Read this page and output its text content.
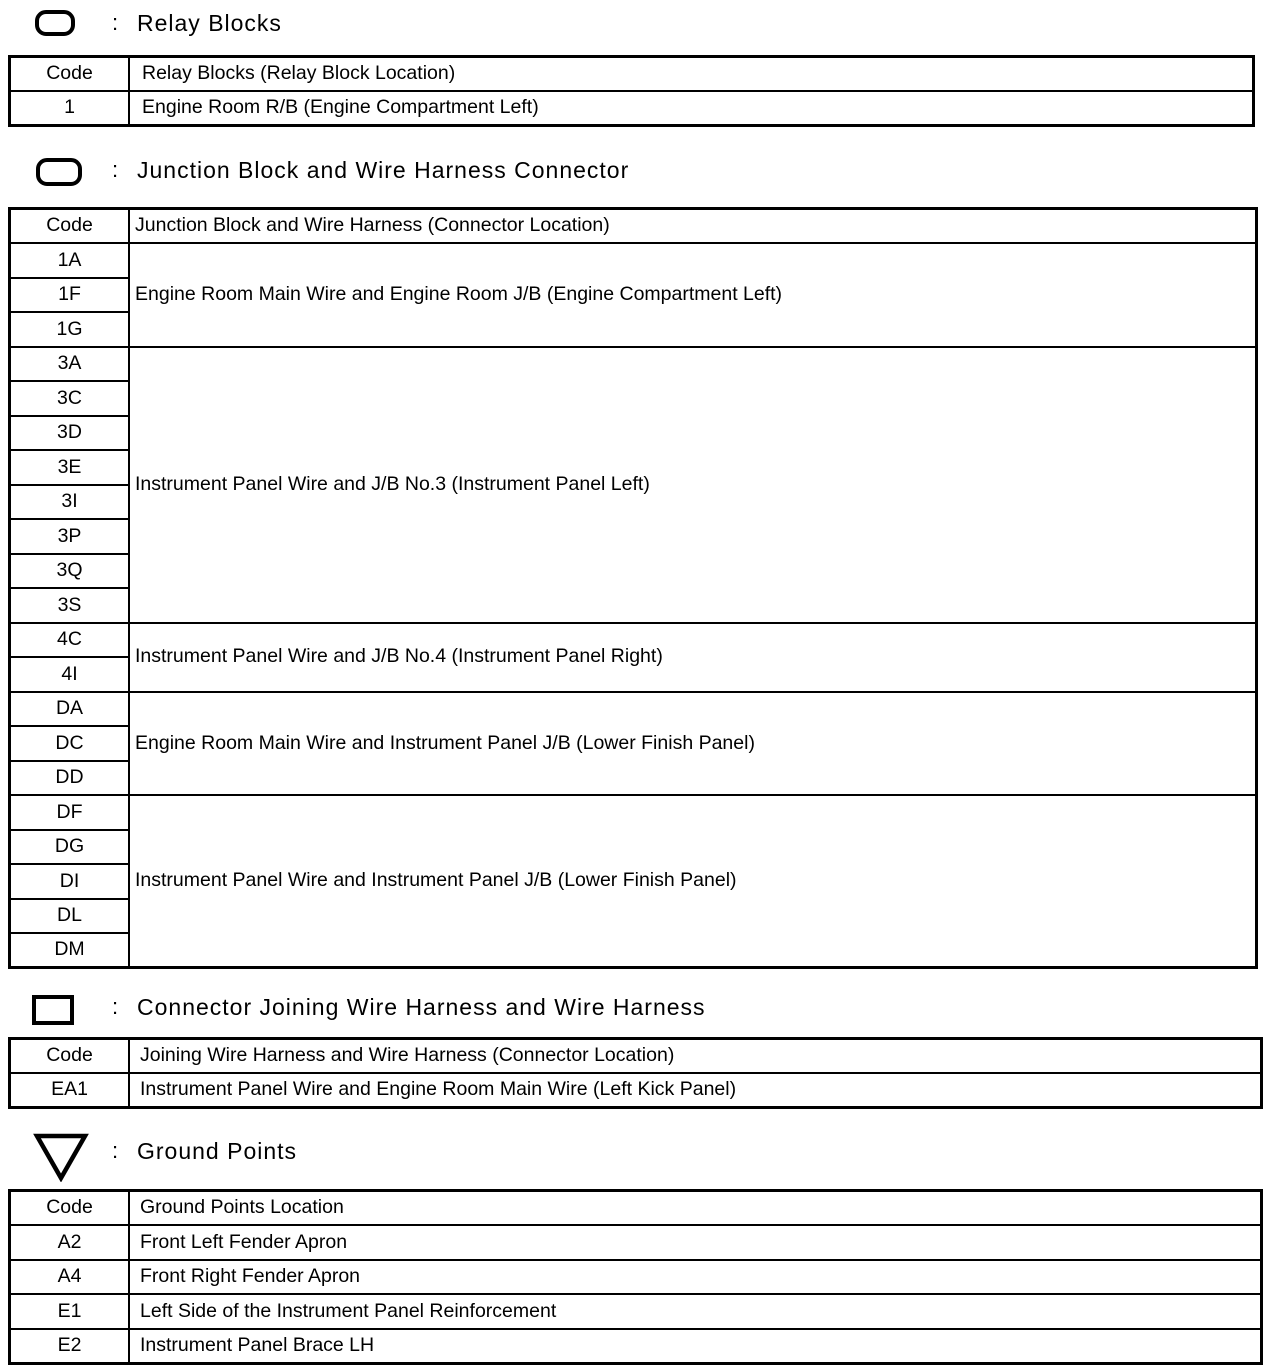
: Relay Blocks
Code	Relay Blocks (Relay Block Location)
1	Engine Room R/B (Engine Compartment Left)
: Junction Block and Wire Harness Connector
Code	Junction Block and Wire Harness (Connector Location)
1A	Engine Room Main Wire and Engine Room J/B (Engine Compartment Left)
1F	
1G	
3A	Instrument Panel Wire and J/B No.3 (Instrument Panel Left)
3C	
3D	
3E	
3I	
3P	
3Q	
3S	
4C	Instrument Panel Wire and J/B No.4 (Instrument Panel Right)
4I	
DA	Engine Room Main Wire and Instrument Panel J/B (Lower Finish Panel)
DC	
DD	
DF	Instrument Panel Wire and Instrument Panel J/B (Lower Finish Panel)
DG	
DI	
DL	
DM	
: Connector Joining Wire Harness and Wire Harness
Code	Joining Wire Harness and Wire Harness (Connector Location)
EA1	Instrument Panel Wire and Engine Room Main Wire (Left Kick Panel)
: Ground Points
Code	Ground Points Location
A2	Front Left Fender Apron
A4	Front Right Fender Apron
E1	Left Side of the Instrument Panel Reinforcement
E2	Instrument Panel Brace LH
